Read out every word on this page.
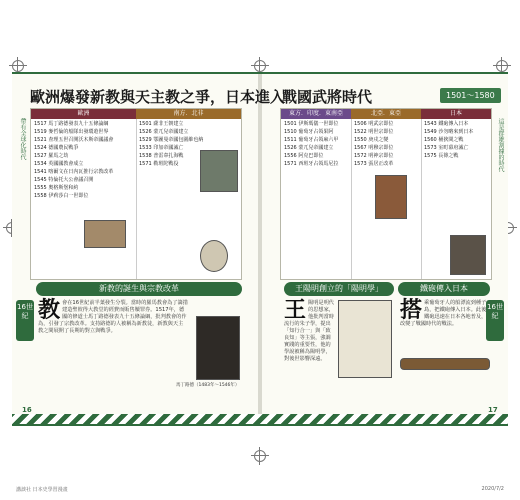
帶有全球化時代	這是群雄割據的時代
歐洲爆發新教與天主教之爭，日本進入
戰國武將時代	1501～1580
歐洲
1517 馬丁路德發表九十五條論綱
1519 麥哲倫的船隊出發環遊世界
1521 查理五世召開沃木斯帝國議會
1524 德國農民戰爭
1527 羅馬之劫
1534 英國國教會成立
1541 喀爾文在日內瓦推行宗教改革
1545 特倫托大公會議召開
1555 奧格斯堡和約
1558 伊莉莎白一世即位
南方．北非
1501 薩非王朝建立
1526 蒙兀兒帝國建立
1529 鄂圖曼帝國包圍維也納
1533 印加帝國滅亡
1538 普雷韋扎海戰
1571 勒班陀戰役
東方．印度．東南亞
1501 伊斯瑪儀一世即位
1510 葡萄牙占領果阿
1511 葡萄牙占領麻六甲
1526 蒙兀兒帝國建立
1556 阿克巴即位
1571 西班牙占領馬尼拉
北亞．東亞
1506 明武宗即位
1522 明世宗即位
1550 庚戌之變
1567 明穆宗即位
1572 明神宗即位
1573 張居正改革
日本
1543 鐵砲傳入日本
1549 沙勿略來到日本
1560 桶狹間之戰
1573 室町幕府滅亡
1575 長篠之戰
16世紀
16世紀
新教的誕生與宗教改革
教 會在16世紀前半葉發生分裂。當時的羅馬教會為了籌措建造聖彼得大教堂的經費而販售贖罪券。1517年，德國的修道士馬丁路德發表九十五條論綱，批判教會的作為，引發了宗教改革。支持路德的人被稱為新教徒，新教與天主教之間展開了長期的對立與戰爭。
馬丁路德（1483年～1546年）
王陽明創立的「陽明學」
王 陽明是明代的思想家，他批判當時流行的朱子學，提出「知行合一」與「致良知」等主張，強調實踐的重要性，他的學說被稱為陽明學，對後世影響深遠。
鐵砲傳入日本
搭 乘葡萄牙人的船漂流到種子島，把鐵砲傳入日本。此後鐵砲迅速在日本各地普及，改變了戰國時代的戰法。
16	17
講談社 日本史學習漫畫	2020/7/2
